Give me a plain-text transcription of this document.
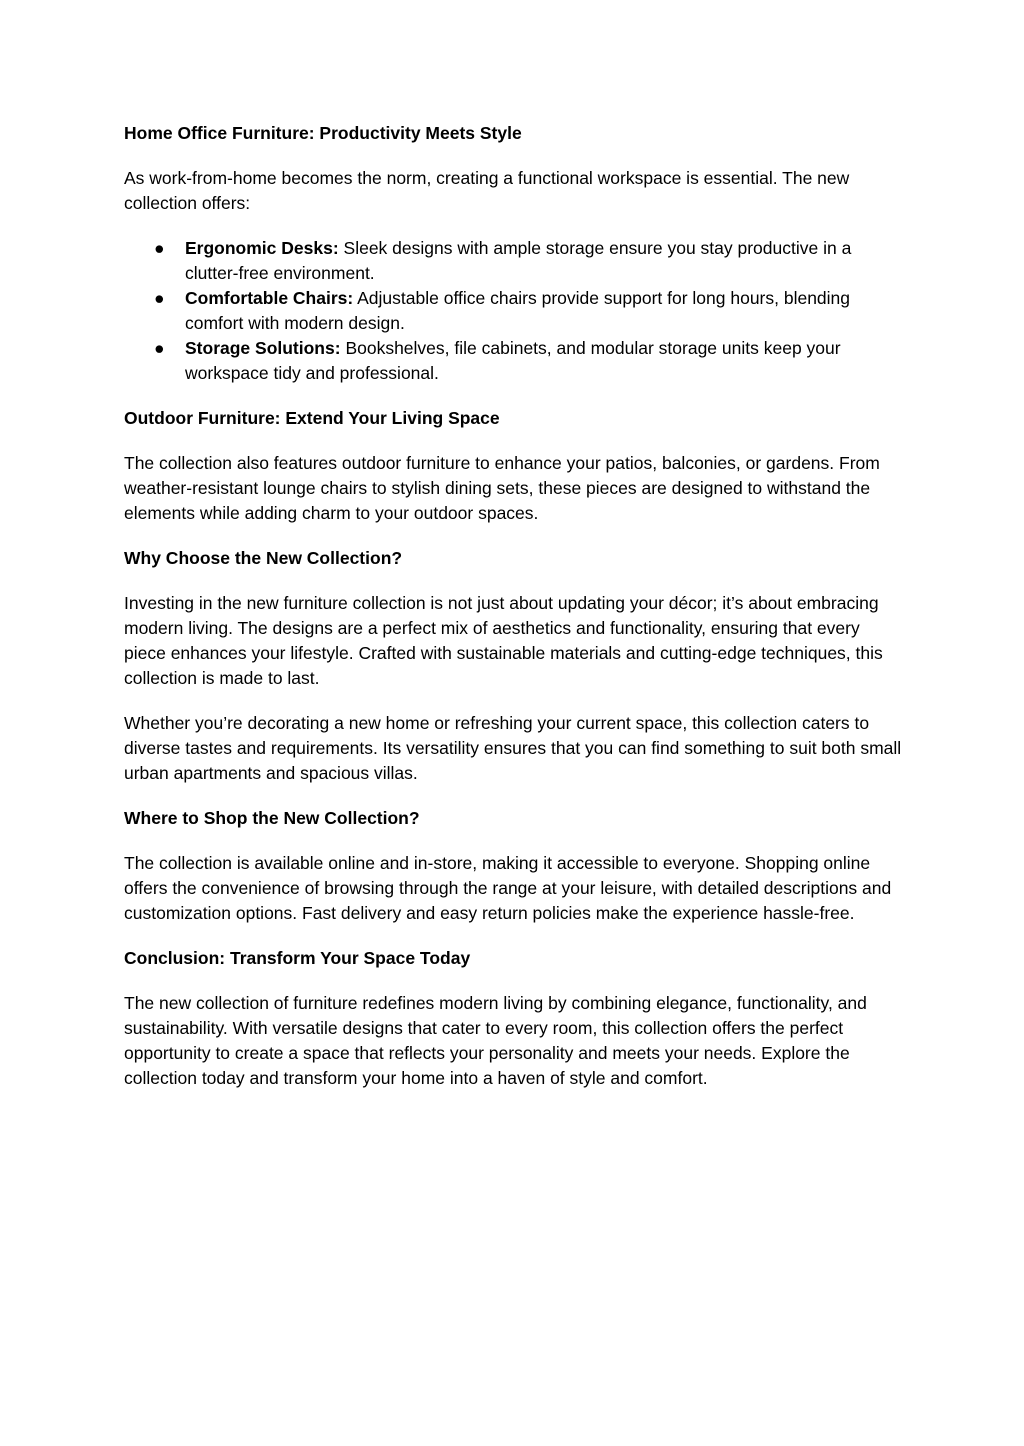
Home Office Furniture: Productivity Meets Style
As work-from-home becomes the norm, creating a functional workspace is essential. The new collection offers:
● Ergonomic Desks: Sleek designs with ample storage ensure you stay productive in a clutter-free environment.
● Comfortable Chairs: Adjustable office chairs provide support for long hours, blending comfort with modern design.
● Storage Solutions: Bookshelves, file cabinets, and modular storage units keep your workspace tidy and professional.
Outdoor Furniture: Extend Your Living Space
The collection also features outdoor furniture to enhance your patios, balconies, or gardens. From weather-resistant lounge chairs to stylish dining sets, these pieces are designed to withstand the elements while adding charm to your outdoor spaces.
Why Choose the New Collection?
Investing in the new furniture collection is not just about updating your décor; it’s about embracing modern living. The designs are a perfect mix of aesthetics and functionality, ensuring that every piece enhances your lifestyle. Crafted with sustainable materials and cutting-edge techniques, this collection is made to last.
Whether you’re decorating a new home or refreshing your current space, this collection caters to diverse tastes and requirements. Its versatility ensures that you can find something to suit both small urban apartments and spacious villas.
Where to Shop the New Collection?
The collection is available online and in-store, making it accessible to everyone. Shopping online offers the convenience of browsing through the range at your leisure, with detailed descriptions and customization options. Fast delivery and easy return policies make the experience hassle-free.
Conclusion: Transform Your Space Today
The new collection of furniture redefines modern living by combining elegance, functionality, and sustainability. With versatile designs that cater to every room, this collection offers the perfect opportunity to create a space that reflects your personality and meets your needs. Explore the collection today and transform your home into a haven of style and comfort.
